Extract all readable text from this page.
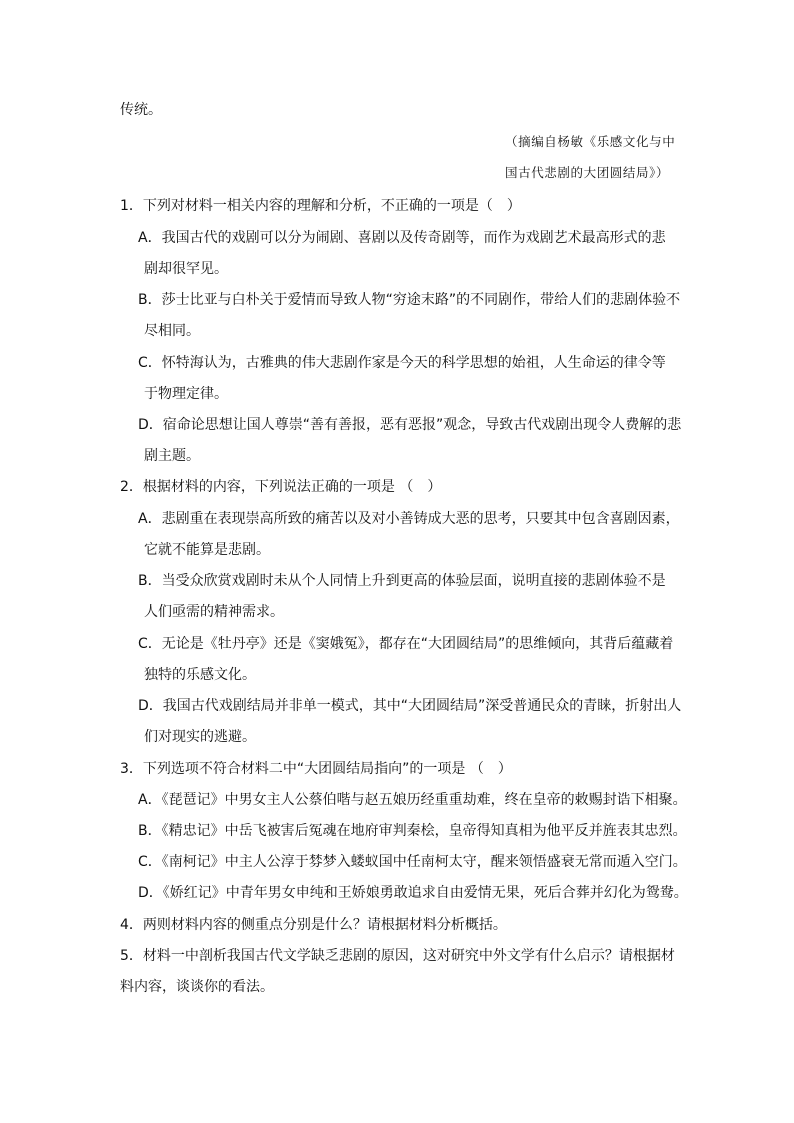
传统。
（摘编自杨敏《乐感文化与中
国古代悲剧的大团圆结局》）
1．下列对材料一相关内容的理解和分析，不正确的一项是（　）
A．我国古代的戏剧可以分为闹剧、喜剧以及传奇剧等，而作为戏剧艺术最高形式的悲
剧却很罕见。
B．莎士比亚与白朴关于爱情而导致人物“穷途末路”的不同剧作，带给人们的悲剧体验不
尽相同。
C．怀特海认为，古雅典的伟大悲剧作家是今天的科学思想的始祖，人生命运的律令等
于物理定律。
D．宿命论思想让国人尊崇“善有善报，恶有恶报”观念，导致古代戏剧出现令人费解的悲
剧主题。
2．根据材料的内容，下列说法正确的一项是 （　）
A．悲剧重在表现崇高所致的痛苦以及对小善铸成大恶的思考，只要其中包含喜剧因素，
它就不能算是悲剧。
B．当受众欣赏戏剧时未从个人同情上升到更高的体验层面，说明直接的悲剧体验不是
人们亟需的精神需求。
C．无论是《牡丹亭》还是《窦娥冤》，都存在“大团圆结局”的思维倾向，其背后蕴藏着
独特的乐感文化。
D．我国古代戏剧结局并非单一模式，其中“大团圆结局”深受普通民众的青睐，折射出人
们对现实的逃避。
3．下列选项不符合材料二中“大团圆结局指向”的一项是 （　）
A．《琵琶记》中男女主人公蔡伯喈与赵五娘历经重重劫难，终在皇帝的敕赐封诰下相聚。
B．《精忠记》中岳飞被害后冤魂在地府审判秦桧，皇帝得知真相为他平反并旌表其忠烈。
C．《南柯记》中主人公淳于棼梦入蝼蚁国中任南柯太守，醒来领悟盛衰无常而遁入空门。
D．《娇红记》中青年男女申纯和王娇娘勇敢追求自由爱情无果，死后合葬并幻化为鸳鸯。
4．两则材料内容的侧重点分别是什么？请根据材料分析概括。
5．材料一中剖析我国古代文学缺乏悲剧的原因，这对研究中外文学有什么启示？请根据材
料内容，谈谈你的看法。
